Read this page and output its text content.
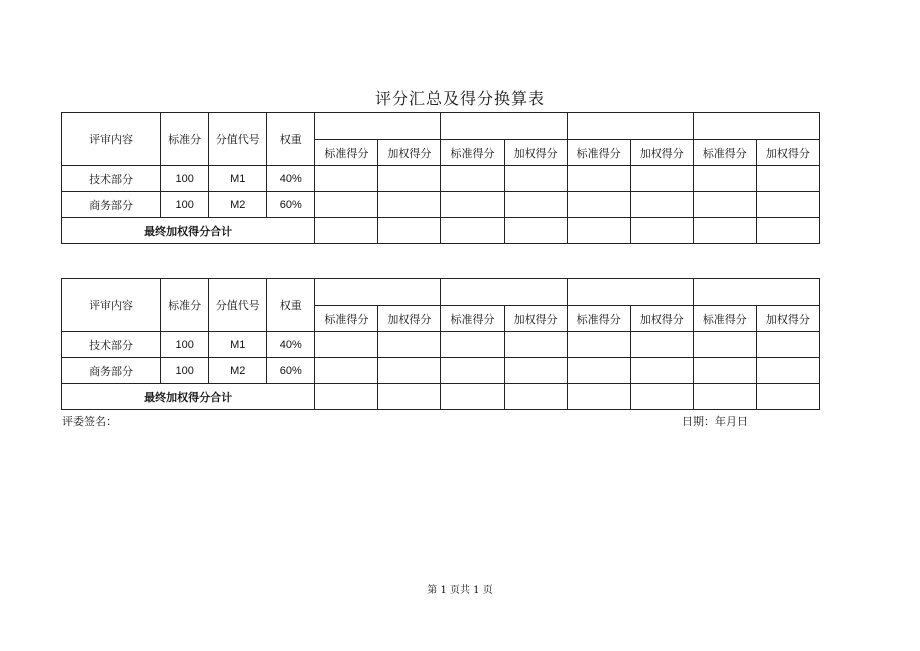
评分汇总及得分换算表
评审内容	标准分	分值代号	权重								
				标准得分	加权得分	标准得分	加权得分	标准得分	加权得分	标准得分	加权得分
技术部分	100	M1	40%								
商务部分	100	M2	60%								
最终加权得分合计											
评审内容	标准分	分值代号	权重								
				标准得分	加权得分	标准得分	加权得分	标准得分	加权得分	标准得分	加权得分
技术部分	100	M1	40%								
商务部分	100	M2	60%								
最终加权得分合计											
评委签名：	日期：年月日
第 1 页共 1 页
